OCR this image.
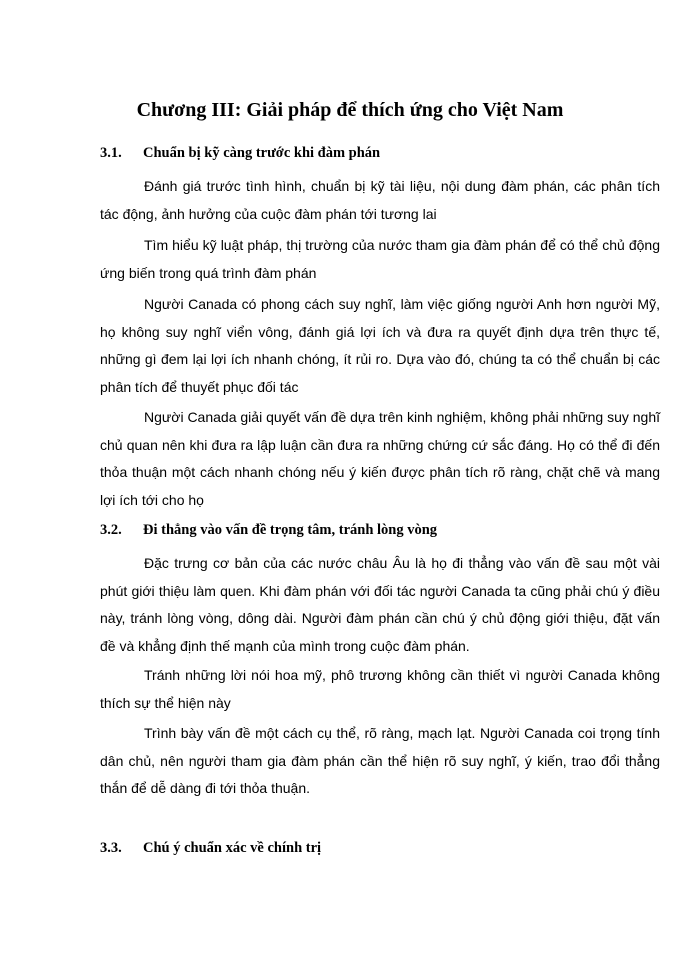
Chương III: Giải pháp để thích ứng cho Việt Nam
3.1. Chuẩn bị kỹ càng trước khi đàm phán

Đánh giá trước tình hình, chuẩn bị kỹ tài liệu, nội dung đàm phán, các phân tích tác động, ảnh hưởng của cuộc đàm phán tới tương lai

Tìm hiểu kỹ luật pháp, thị trường của nước tham gia đàm phán để có thể chủ động ứng biến trong quá trình đàm phán

Người Canada có phong cách suy nghĩ, làm việc giống người Anh hơn người Mỹ, họ không suy nghĩ viển vông, đánh giá lợi ích và đưa ra quyết định dựa trên thực tế, những gì đem lại lợi ích nhanh chóng, ít rủi ro. Dựa vào đó, chúng ta có thể chuẩn bị các phân tích để thuyết phục đối tác

Người Canada giải quyết vấn đề dựa trên kinh nghiệm, không phải những suy nghĩ chủ quan nên khi đưa ra lập luận cần đưa ra những chứng cứ sắc đáng. Họ có thể đi đến thỏa thuận một cách nhanh chóng nếu ý kiến được phân tích rõ ràng, chặt chẽ và mang lợi ích tới cho họ

3.2. Đi thẳng vào vấn đề trọng tâm, tránh lòng vòng

Đặc trưng cơ bản của các nước châu Âu là họ đi thẳng vào vấn đề sau một vài phút giới thiệu làm quen. Khi đàm phán với đối tác người Canada ta cũng phải chú ý điều này, tránh lòng vòng, dông dài. Người đàm phán cần chú ý chủ động giới thiệu, đặt vấn đề và khẳng định thế mạnh của mình trong cuộc đàm phán.

Tránh những lời nói hoa mỹ, phô trương không cần thiết vì người Canada không thích sự thể hiện này

Trình bày vấn đề một cách cụ thể, rõ ràng, mạch lạt. Người Canada coi trọng tính dân chủ, nên người tham gia đàm phán cần thể hiện rõ suy nghĩ, ý kiến, trao đổi thẳng thắn để dễ dàng đi tới thỏa thuận.

3.3. Chú ý chuẩn xác về chính trị
